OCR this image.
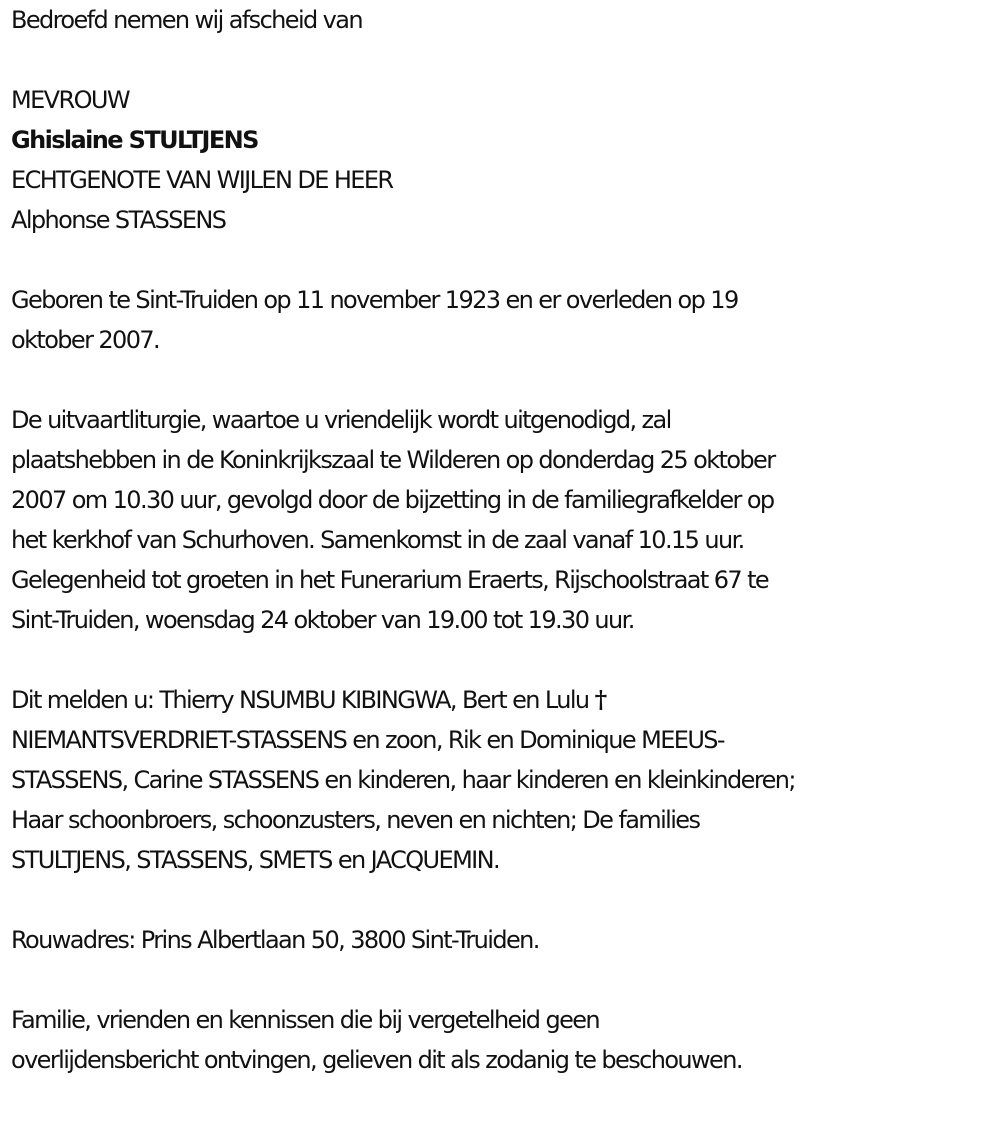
Bedroefd nemen wij afscheid van
MEVROUW
Ghislaine STULTJENS
ECHTGENOTE VAN WIJLEN DE HEER
Alphonse STASSENS
Geboren te Sint-Truiden op 11 november 1923 en er overleden op 19
oktober 2007.
De uitvaartliturgie, waartoe u vriendelijk wordt uitgenodigd, zal
plaatshebben in de Koninkrijkszaal te Wilderen op donderdag 25 oktober
2007 om 10.30 uur, gevolgd door de bijzetting in de familiegrafkelder op
het kerkhof van Schurhoven. Samenkomst in de zaal vanaf 10.15 uur.
Gelegenheid tot groeten in het Funerarium Eraerts, Rijschoolstraat 67 te
Sint-Truiden, woensdag 24 oktober van 19.00 tot 19.30 uur.
Dit melden u: Thierry NSUMBU KIBINGWA, Bert en Lulu †
NIEMANTSVERDRIET-STASSENS en zoon, Rik en Dominique MEEUS-
STASSENS, Carine STASSENS en kinderen, haar kinderen en kleinkinderen;
Haar schoonbroers, schoonzusters, neven en nichten; De families
STULTJENS, STASSENS, SMETS en JACQUEMIN.
Rouwadres: Prins Albertlaan 50, 3800 Sint-Truiden.
Familie, vrienden en kennissen die bij vergetelheid geen
overlijdensbericht ontvingen, gelieven dit als zodanig te beschouwen.
